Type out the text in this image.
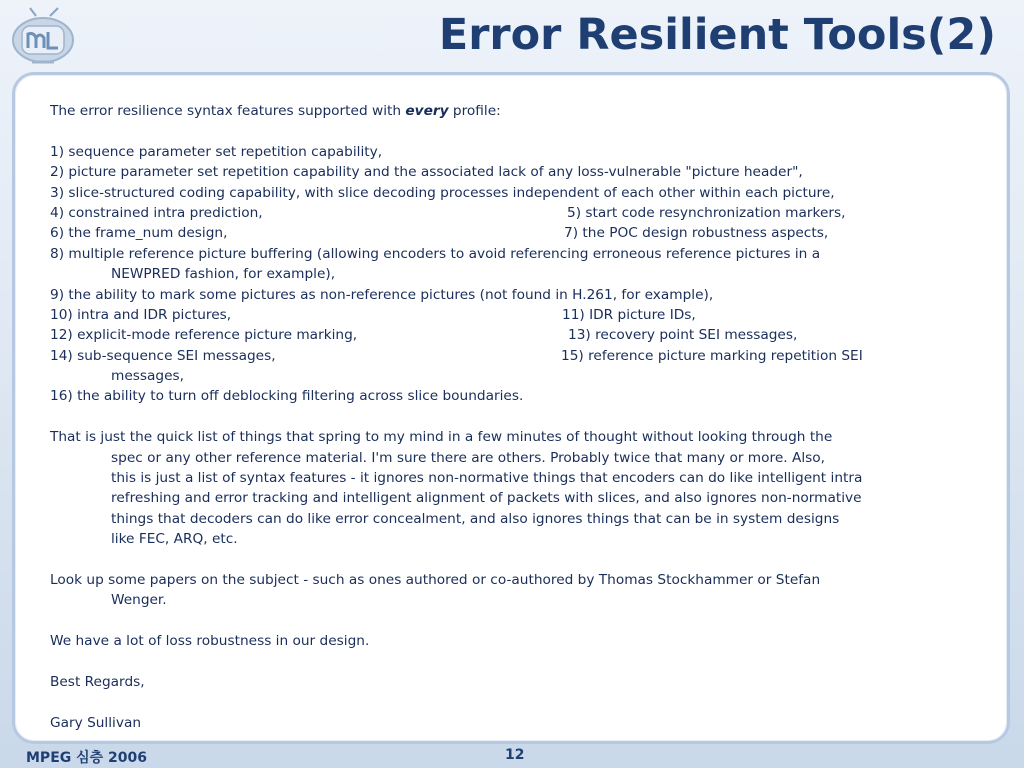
Error Resilient Tools(2)
The error resilience syntax features supported with every profile:
1) sequence parameter set repetition capability,
2) picture parameter set repetition capability and the associated lack of any loss-vulnerable "picture header",
3) slice-structured coding capability, with slice decoding processes independent of each other within each picture,
4) constrained intra prediction,	5) start code resynchronization markers,
6) the frame_num design,	7) the POC design robustness aspects,
8) multiple reference picture buffering (allowing encoders to avoid referencing erroneous reference pictures in a
NEWPRED fashion, for example),
9) the ability to mark some pictures as non-reference pictures (not found in H.261, for example),
10) intra and IDR pictures,	11) IDR picture IDs,
12) explicit-mode reference picture marking,	13) recovery point SEI messages,
14) sub-sequence SEI messages,	15) reference picture marking repetition SEI
messages,
16) the ability to turn off deblocking filtering across slice boundaries.
That is just the quick list of things that spring to my mind in a few minutes of thought without looking through the
spec or any other reference material. I'm sure there are others. Probably twice that many or more. Also,
this is just a list of syntax features - it ignores non-normative things that encoders can do like intelligent intra
refreshing and error tracking and intelligent alignment of packets with slices, and also ignores non-normative
things that decoders can do like error concealment, and also ignores things that can be in system designs
like FEC, ARQ, etc.
Look up some papers on the subject - such as ones authored or co-authored by Thomas Stockhammer or Stefan
Wenger.
We have a lot of loss robustness in our design.
Best Regards,
Gary Sullivan
MPEG 심층 2006	12
